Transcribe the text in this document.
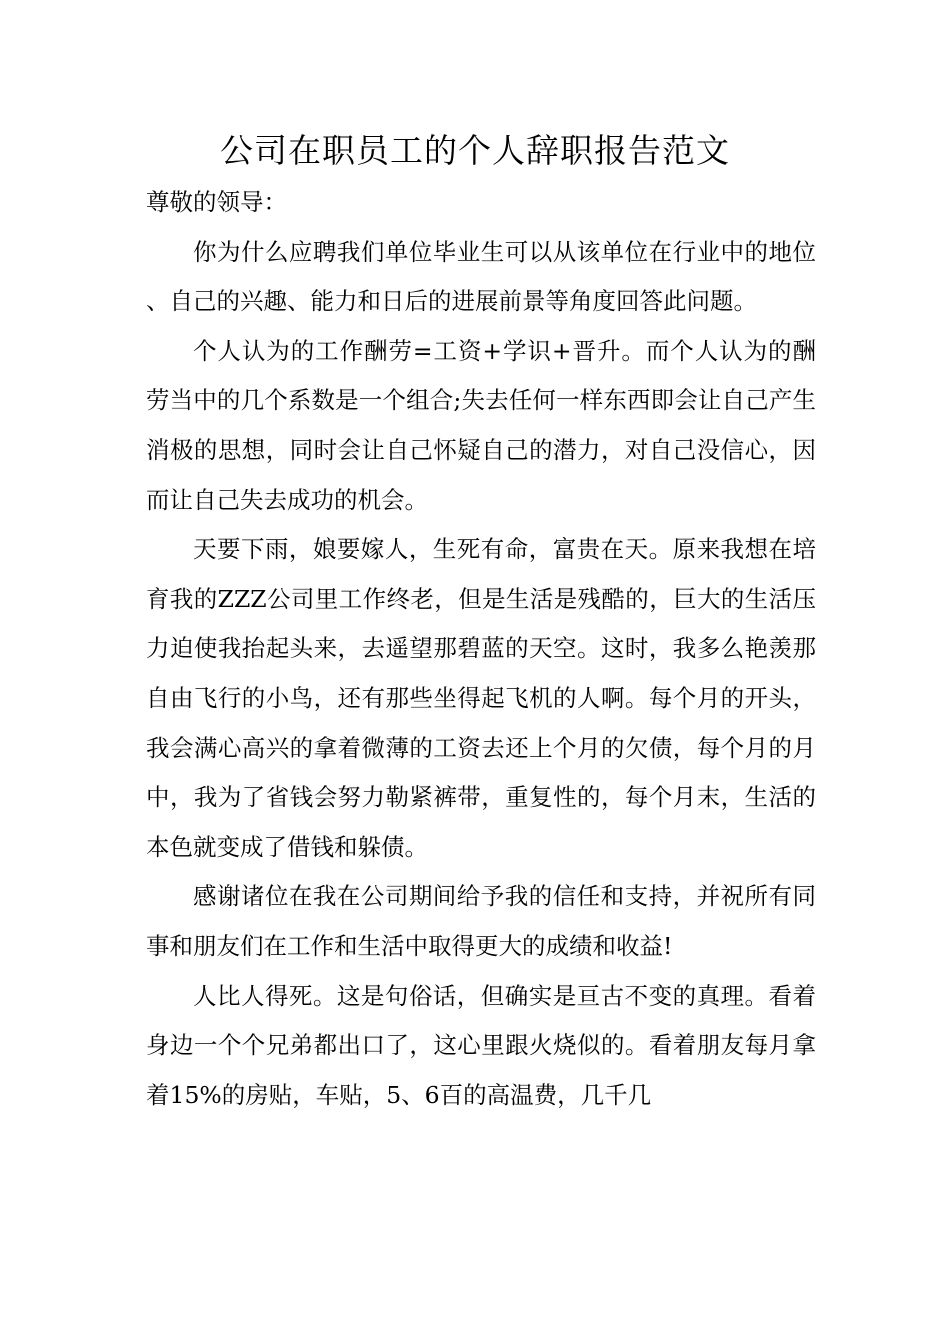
公司在职员工的个人辞职报告范文

尊敬的领导：

你为什么应聘我们单位毕业生可以从该单位在行业中的地位、自己的兴趣、能力和日后的进展前景等角度回答此问题。

个人认为的工作酬劳=工资+学识+晋升。而个人认为的酬劳当中的几个系数是一个组合;失去任何一样东西即会让自己产生消极的思想，同时会让自己怀疑自己的潜力，对自己没信心，因而让自己失去成功的机会。

天要下雨，娘要嫁人，生死有命，富贵在天。原来我想在培育我的ZZZ公司里工作终老，但是生活是残酷的，巨大的生活压力迫使我抬起头来，去遥望那碧蓝的天空。这时，我多么艳羡那自由飞行的小鸟，还有那些坐得起飞机的人啊。每个月的开头，我会满心高兴的拿着微薄的工资去还上个月的欠债，每个月的月中，我为了省钱会努力勒紧裤带，重复性的，每个月末，生活的本色就变成了借钱和躲债。

感谢诸位在我在公司期间给予我的信任和支持，并祝所有同事和朋友们在工作和生活中取得更大的成绩和收益!

人比人得死。这是句俗话，但确实是亘古不变的真理。看着身边一个个兄弟都出口了，这心里跟火烧似的。看着朋友每月拿着15%的房贴，车贴，5、6百的高温费，几千几
